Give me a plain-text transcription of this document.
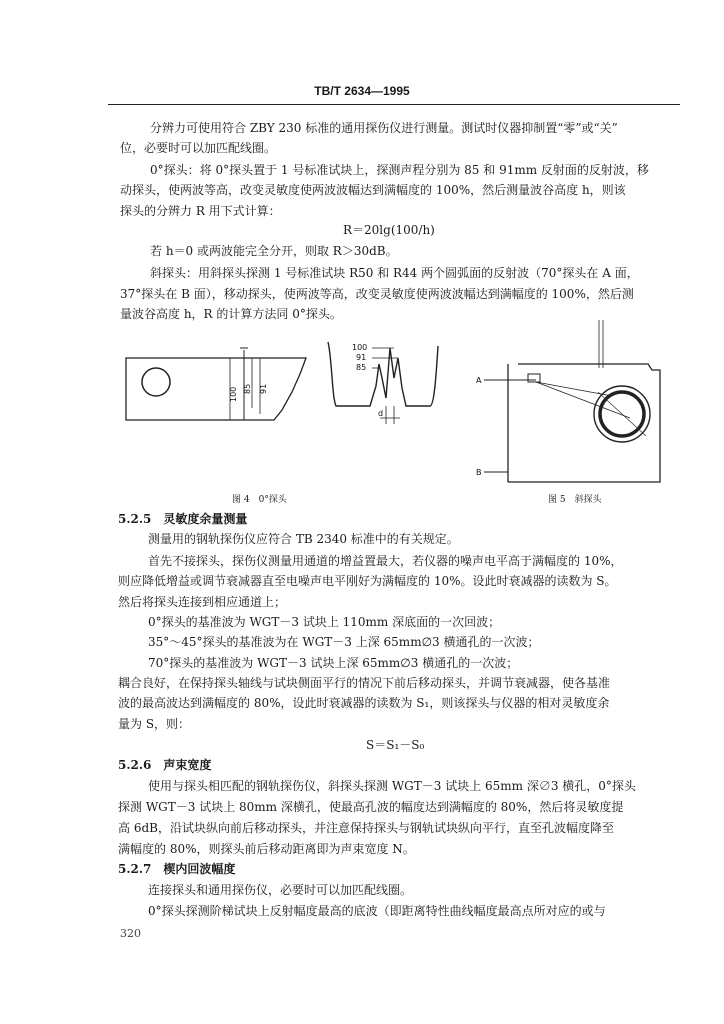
TB/T 2634—1995
分辨力可使用符合 ZBY 230 标准的通用探伤仪进行测量。测试时仪器抑制置“零”或“关”
位，必要时可以加匹配线圈。
0°探头：将 0°探头置于 1 号标准试块上，探测声程分别为 85 和 91mm 反射面的反射波，移
动探头，使两波等高，改变灵敏度使两波波幅达到满幅度的 100%，然后测量波谷高度 h，则该
探头的分辨力 R 用下式计算：
R＝20lg(100/h)
若 h＝0 或两波能完全分开，则取 R＞30dB。
斜探头：用斜探头探测 1 号标准试块 R50 和 R44 两个圆弧面的反射波（70°探头在 A 面，
37°探头在 B 面），移动探头，使两波等高，改变灵敏度使两波波幅达到满幅度的 100%，然后测
量波谷高度 h，R 的计算方法同 0°探头。
100 85 91
100
91
85
d
A
B
图 4　0°探头	图 5　斜探头
5.2.5　 灵敏度余量测量
测量用的钢轨探伤仪应符合 TB 2340 标准中的有关规定。
首先不接探头，探伤仪测量用通道的增益置最大，若仪器的噪声电平高于满幅度的 10%，
则应降低增益或调节衰减器直至电噪声电平刚好为满幅度的 10%。设此时衰减器的读数为 S。
然后将探头连接到相应通道上；
0°探头的基准波为 WGT－3 试块上 110mm 深底面的一次回波；
35°～45°探头的基准波为在 WGT－3 上深 65mm∅3 横通孔的一次波；
70°探头的基准波为 WGT－3 试块上深 65mm∅3 横通孔的一次波；
耦合良好，在保持探头轴线与试块侧面平行的情况下前后移动探头，并调节衰减器，使各基准
波的最高波达到满幅度的 80%，设此时衰减器的读数为 S₁，则该探头与仪器的相对灵敏度余
量为 S，则：
S＝S₁－S₀
5.2.6　 声束宽度
使用与探头相匹配的钢轨探伤仪，斜探头探测 WGT－3 试块上 65mm 深∅3 横孔，0°探头
探测 WGT－3 试块上 80mm 深横孔，使最高孔波的幅度达到满幅度的 80%，然后将灵敏度提
高 6dB，沿试块纵向前后移动探头，并注意保持探头与钢轨试块纵向平行，直至孔波幅度降至
满幅度的 80%，则探头前后移动距离即为声束宽度 N。
5.2.7　 楔内回波幅度
连接探头和通用探伤仪，必要时可以加匹配线圈。
0°探头探测阶梯试块上反射幅度最高的底波（即距离特性曲线幅度最高点所对应的或与
320
